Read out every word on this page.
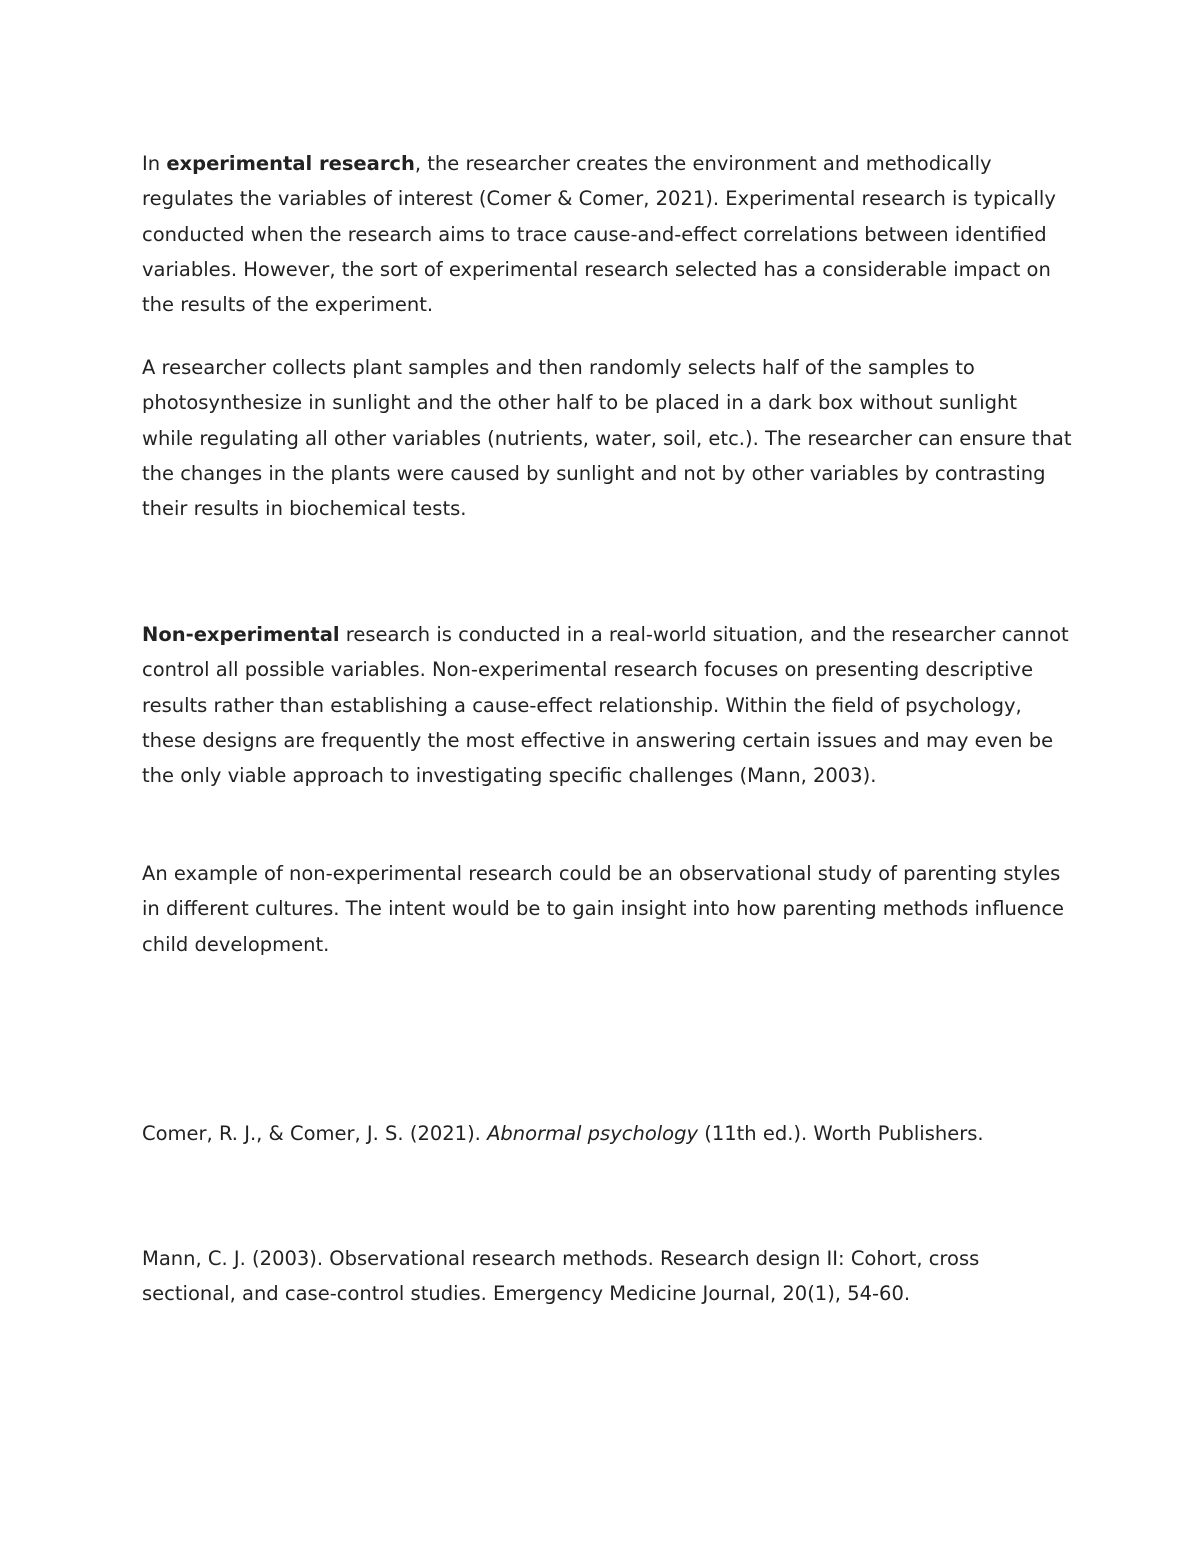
In experimental research, the researcher creates the environment and methodically regulates the variables of interest (Comer & Comer, 2021). Experimental research is typically conducted when the research aims to trace cause-and-effect correlations between identified variables. However, the sort of experimental research selected has a considerable impact on the results of the experiment.

A researcher collects plant samples and then randomly selects half of the samples to photosynthesize in sunlight and the other half to be placed in a dark box without sunlight while regulating all other variables (nutrients, water, soil, etc.). The researcher can ensure that the changes in the plants were caused by sunlight and not by other variables by contrasting their results in biochemical tests.

Non-experimental research is conducted in a real-world situation, and the researcher cannot control all possible variables. Non-experimental research focuses on presenting descriptive results rather than establishing a cause-effect relationship. Within the field of psychology, these designs are frequently the most effective in answering certain issues and may even be the only viable approach to investigating specific challenges (Mann, 2003).

An example of non-experimental research could be an observational study of parenting styles in different cultures. The intent would be to gain insight into how parenting methods influence child development.

Comer, R. J., & Comer, J. S. (2021). Abnormal psychology (11th ed.). Worth Publishers.

Mann, C. J. (2003). Observational research methods. Research design II: Cohort, cross sectional, and case-control studies. Emergency Medicine Journal, 20(1), 54-60.
